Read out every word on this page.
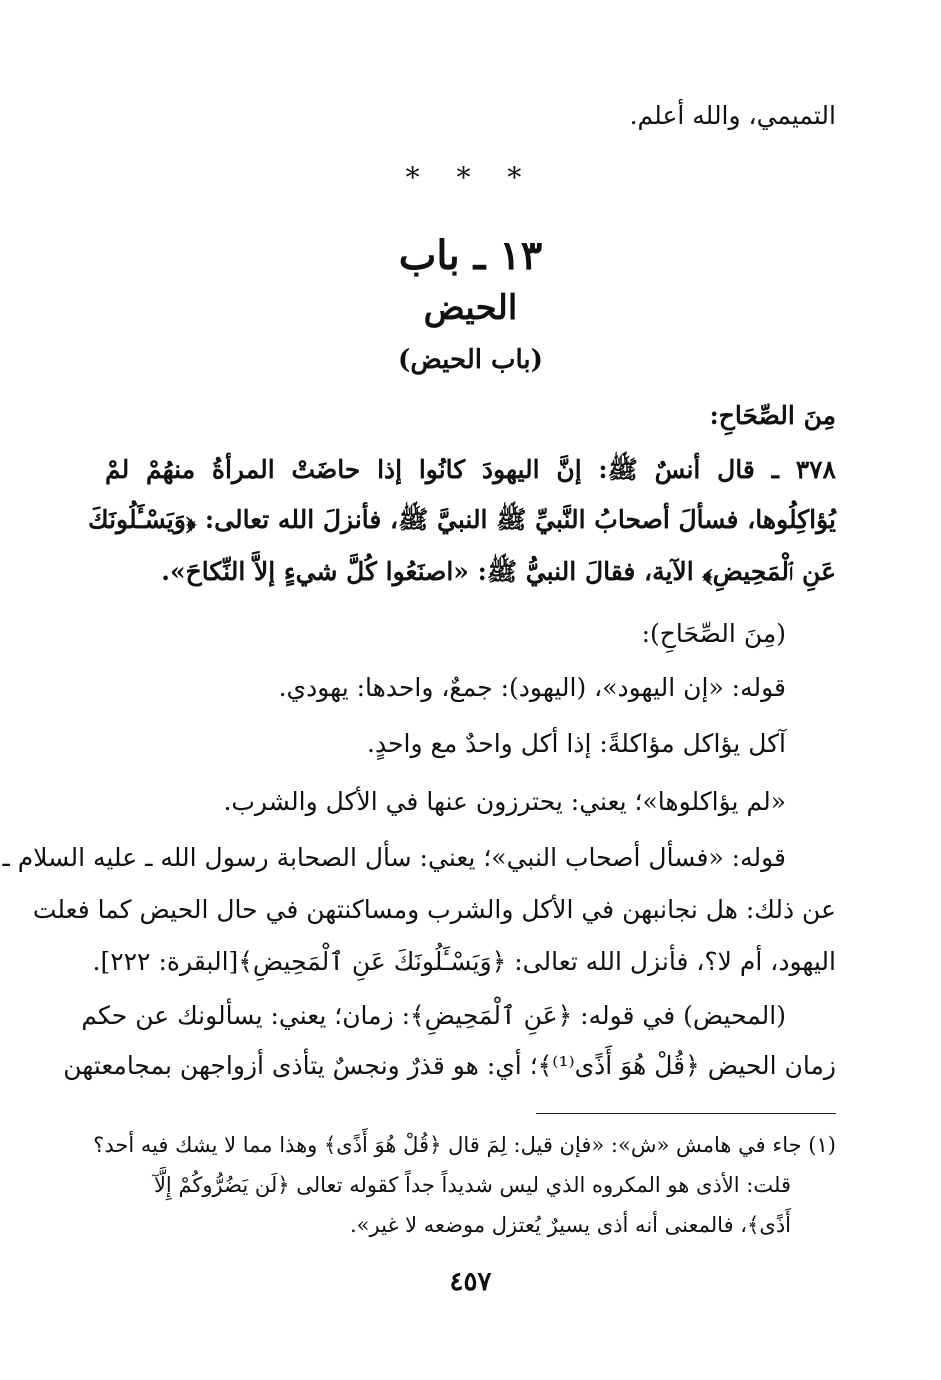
التميمي، والله أعلم.
* * *
١٣ ـ باب
الحيض
(باب الحيض)
مِنَ الصِّحَاحِ:
٣٧٨ ـ قال أنسٌ ﷺ: إنَّ اليهودَ كانُوا إذا حاضَتْ المرأةُ منهُمْ لمْ
يُؤاكِلُوها، فسألَ أصحابُ النَّبيِّ ﷺ النبيَّ ﷺ، فأنزلَ الله تعالى: ﴿وَيَسْـَٔلُونَكَ
عَنِ ٱلْمَحِيضِ﴾ الآية، فقالَ النبيُّ ﷺ: «اصنَعُوا كُلَّ شيءٍ إلاَّ النِّكاحَ».
(مِنَ الصِّحَاحِ):
قوله: «إن اليهود»، (اليهود): جمعٌ، واحدها: يهودي.
آكل يؤاكل مؤاكلةً: إذا أكل واحدٌ مع واحدٍ.
«لم يؤاكلوها»؛ يعني: يحترزون عنها في الأكل والشرب.
قوله: «فسأل أصحاب النبي»؛ يعني: سأل الصحابة رسول الله ـ عليه السلام ـ
عن ذلك: هل نجانبهن في الأكل والشرب ومساكنتهن في حال الحيض كما فعلت
اليهود، أم لا؟، فأنزل الله تعالى: ﴿وَيَسْـَٔلُونَكَ عَنِ ٱلْمَحِيضِ﴾[البقرة: ٢٢٢].
(المحيض) في قوله: ﴿عَنِ ٱلْمَحِيضِ﴾: زمان؛ يعني: يسألونك عن حكم
زمان الحيض ﴿قُلْ هُوَ أَذًى⁽¹⁾﴾؛ أي: هو قذرٌ ونجسٌ يتأذى أزواجهن بمجامعتهن
(١) جاء في هامش «ش»: «فإن قيل: لِمَ قال ﴿قُلْ هُوَ أَذًى﴾ وهذا مما لا يشك فيه أحد؟
قلت: الأذى هو المكروه الذي ليس شديداً جداً كقوله تعالى ﴿لَن يَضُرُّوكُمْ إِلَّآ
أَذًى﴾، فالمعنى أنه أذى يسيرٌ يُعتزل موضعه لا غير».
٤٥٧
